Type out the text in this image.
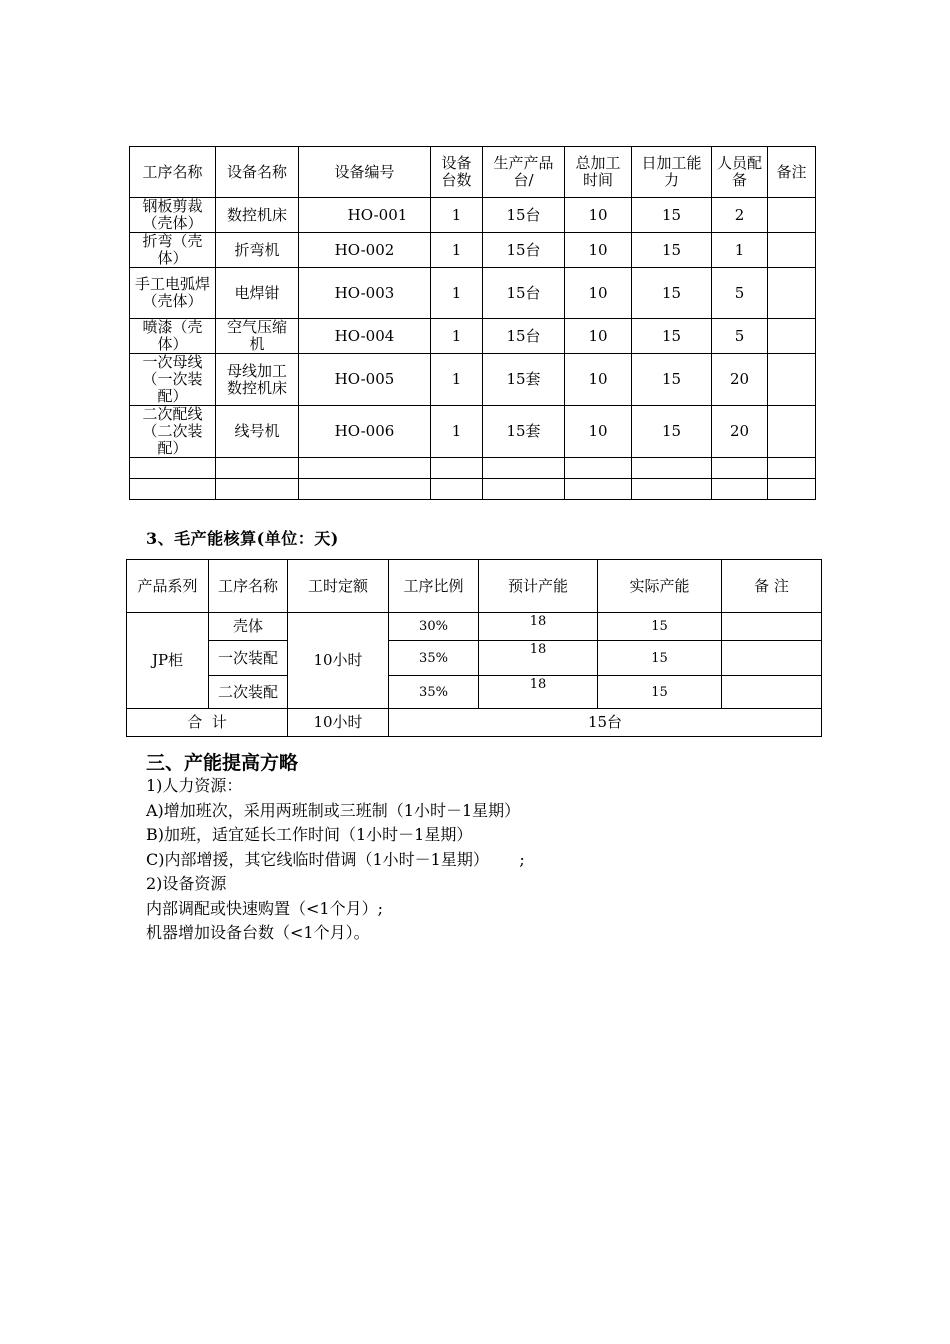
工序名称	设备名称	设备编号	设备台数	生产产品台/	总加工时间	日加工能力	人员配备	备注
钢板剪裁（壳体）	数控机床	HO-001	1	15台	10	15	2	
折弯（壳体）	折弯机	HO-002	1	15台	10	15	1	
手工电弧焊（壳体）	电焊钳	HO-003	1	15台	10	15	5	
喷漆（壳体）	空气压缩机	HO-004	1	15台	10	15	5	
一次母线（一次装配）	母线加工数控机床	HO-005	1	15套	10	15	20	
二次配线（二次装配）	线号机	HO-006	1	15套	10	15	20	

3、毛产能核算(单位：天)
产品系列	工序名称	工时定额	工序比例	预计产能	实际产能	备 注
JP柜	壳体	10小时	30%	18	15	
	一次装配		35%	18	15	
	二次装配		35%	18	15	
合  计		10小时	15台			
三、产能提高方略
1)人力资源：
A)增加班次，采用两班制或三班制（1小时－1星期）
B)加班，适宜延长工作时间（1小时－1星期）
C)内部增援，其它线临时借调（1小时－1星期）      ;
2)设备资源
内部调配或快速购置（<1个月）;
机器增加设备台数（<1个月）。
